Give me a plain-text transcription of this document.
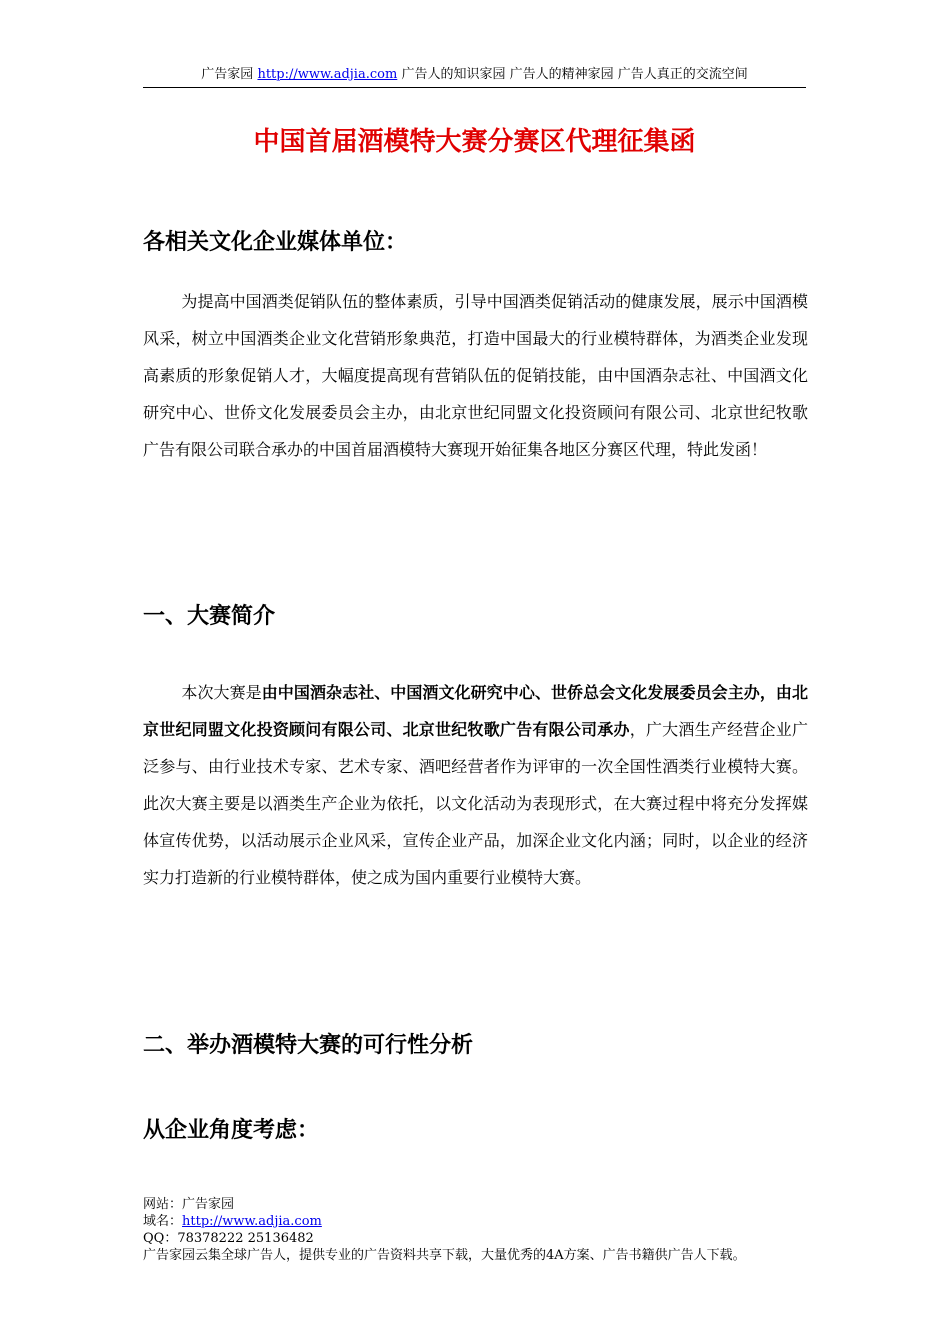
广告家园 http://www.adjia.com 广告人的知识家园 广告人的精神家园 广告人真正的交流空间
中国首届酒模特大赛分赛区代理征集函
各相关文化企业媒体单位：

为提高中国酒类促销队伍的整体素质，引导中国酒类促销活动的健康发展，展示中国酒模风采，树立中国酒类企业文化营销形象典范，打造中国最大的行业模特群体，为酒类企业发现高素质的形象促销人才，大幅度提高现有营销队伍的促销技能，由中国酒杂志社、中国酒文化研究中心、世侨文化发展委员会主办，由北京世纪同盟文化投资顾问有限公司、北京世纪牧歌广告有限公司联合承办的中国首届酒模特大赛现开始征集各地区分赛区代理，特此发函！

一、大赛简介

本次大赛是由中国酒杂志社、中国酒文化研究中心、世侨总会文化发展委员会主办，由北京世纪同盟文化投资顾问有限公司、北京世纪牧歌广告有限公司承办，广大酒生产经营企业广泛参与、由行业技术专家、艺术专家、酒吧经营者作为评审的一次全国性酒类行业模特大赛。此次大赛主要是以酒类生产企业为依托，以文化活动为表现形式，在大赛过程中将充分发挥媒体宣传优势，以活动展示企业风采，宣传企业产品，加深企业文化内涵；同时，以企业的经济实力打造新的行业模特群体，使之成为国内重要行业模特大赛。

二、举办酒模特大赛的可行性分析
从企业角度考虑：
网站：广告家园
域名：http://www.adjia.com
QQ：78378222 25136482
广告家园云集全球广告人，提供专业的广告资料共享下载，大量优秀的4A方案、广告书籍供广告人下载。
